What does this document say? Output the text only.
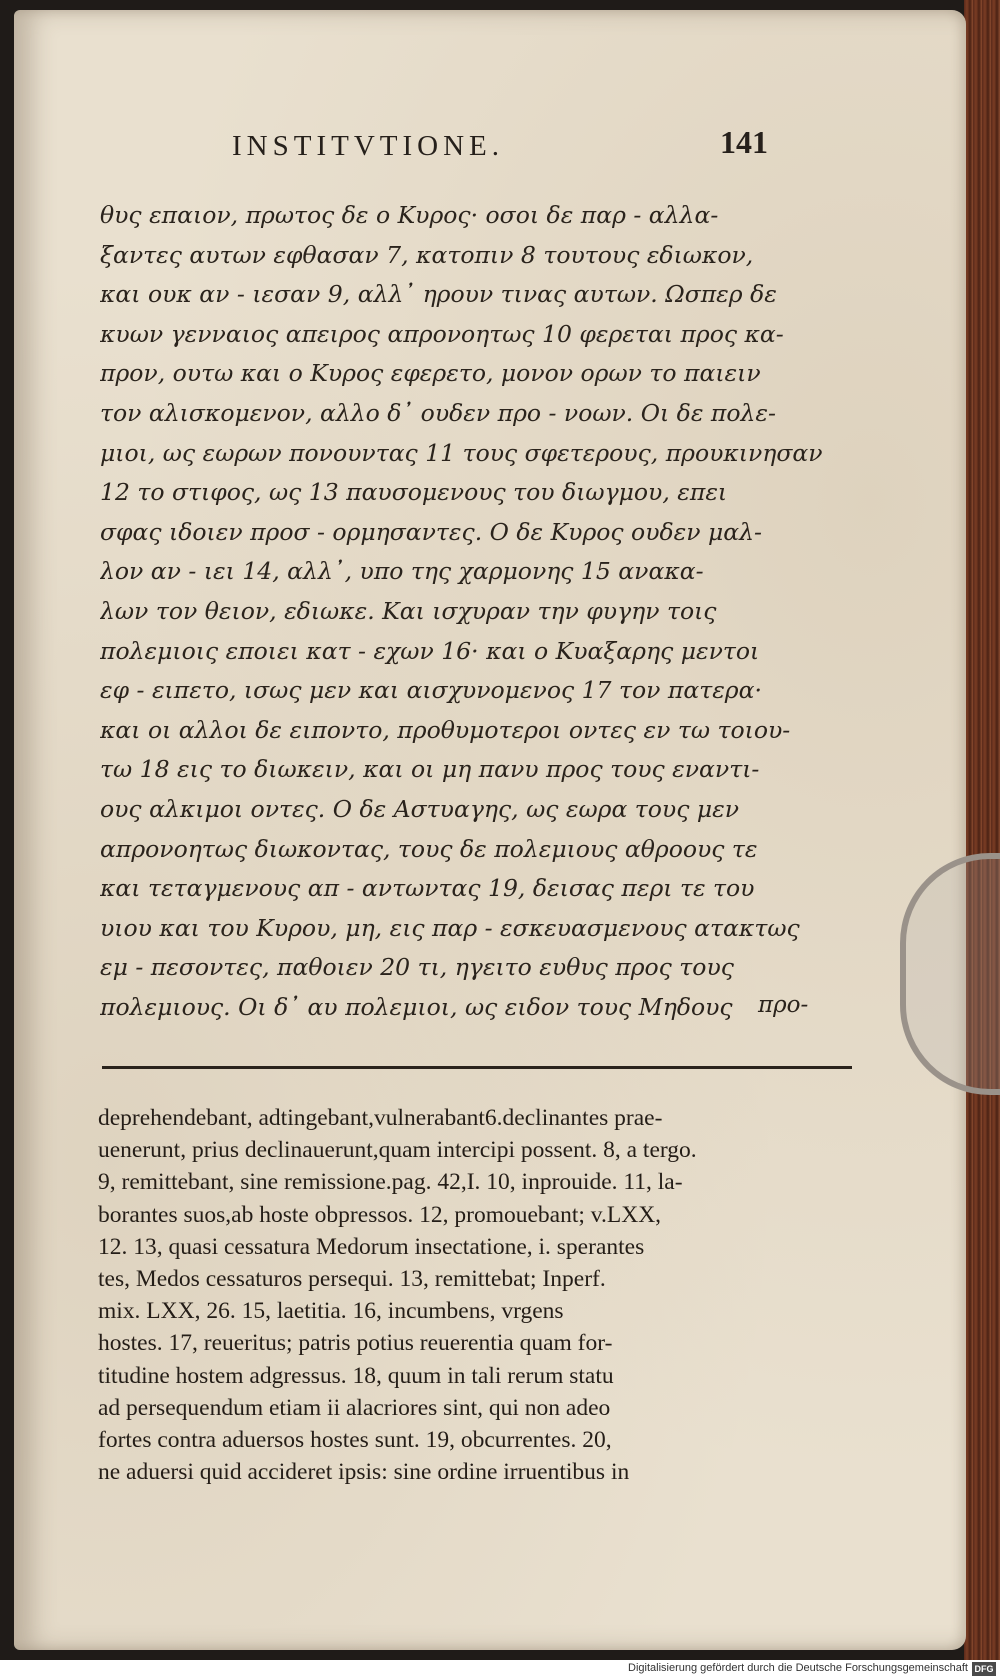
INSTITVTIONE.	141
θυς επαιον, πρωτος δε ο Κυρος· οσοι δε παρ - αλλα-
ξαντες αυτων εφθασαν 7, κατοπιν 8 τουτους εδιωκον,
και ουκ αν - ιεσαν 9, αλλ᾽ ηρουν τινας αυτων. Ωσπερ δε
κυων γενναιος απειρος απρονοητως 10 φερεται προς κα-
προν, ουτω και ο Κυρος εφερετο, μονον ορων το παιειν
τον αλισκομενον, αλλο δ᾽ ουδεν προ - νοων. Οι δε πολε-
μιοι, ως εωρων πονουντας 11 τους σφετερους, προυκινησαν
12 το στιφος, ως 13 παυσομενους του διωγμου, επει
σφας ιδοιεν προσ - ορμησαντες. Ο δε Κυρος ουδεν μαλ-
λον αν - ιει 14, αλλ᾽, υπο της χαρμονης 15 ανακα-
λων τον θειον, εδιωκε. Και ισχυραν την φυγην τοις
πολεμιοις εποιει κατ - εχων 16· και ο Κυαξαρης μεντοι
εφ - ειπετο, ισως μεν και αισχυνομενος 17 τον πατερα·
και οι αλλοι δε ειποντο, προθυμοτεροι οντες εν τω τοιου-
τω 18 εις το διωκειν, και οι μη πανυ προς τους εναντι-
ους αλκιμοι οντες. Ο δε Αστυαγης, ως εωρα τους μεν
απρονοητως διωκοντας, τους δε πολεμιους αθροους τε
και τεταγμενους απ - αντωντας 19, δεισας περι τε του
υιου και του Κυρου, μη, εις παρ - εσκευασμενους ατακτως
εμ - πεσοντες, παθοιεν 20 τι, ηγειτο ευθυς προς τους
πολεμιους. Οι δ᾽ αυ πολεμιοι, ως ειδον τους Μηδους	προ-
deprehendebant, adtingebant,vulnerabant6.declinantes prae-
uenerunt, prius declinauerunt,quam intercipi possent. 8, a tergo.
9, remittebant, sine remissione.pag. 42,I. 10, inprouide. 11, la-
borantes suos,ab hoste obpressos. 12, promouebant; v.LXX,
12. 13, quasi cessatura Medorum insectatione, i. sperantes
tes, Medos cessaturos persequi. 13, remittebat; Inperf.
mix. LXX, 26. 15, laetitia. 16, incumbens, vrgens
hostes. 17, reueritus; patris potius reuerentia quam for-
titudine hostem adgressus. 18, quum in tali rerum statu
ad persequendum etiam ii alacriores sint, qui non adeo
fortes contra aduersos hostes sunt. 19, obcurrentes. 20,
ne aduersi quid accideret ipsis: sine ordine irruentibus in
Digitalisierung gefördert durch die Deutsche Forschungsgemeinschaft DFG
